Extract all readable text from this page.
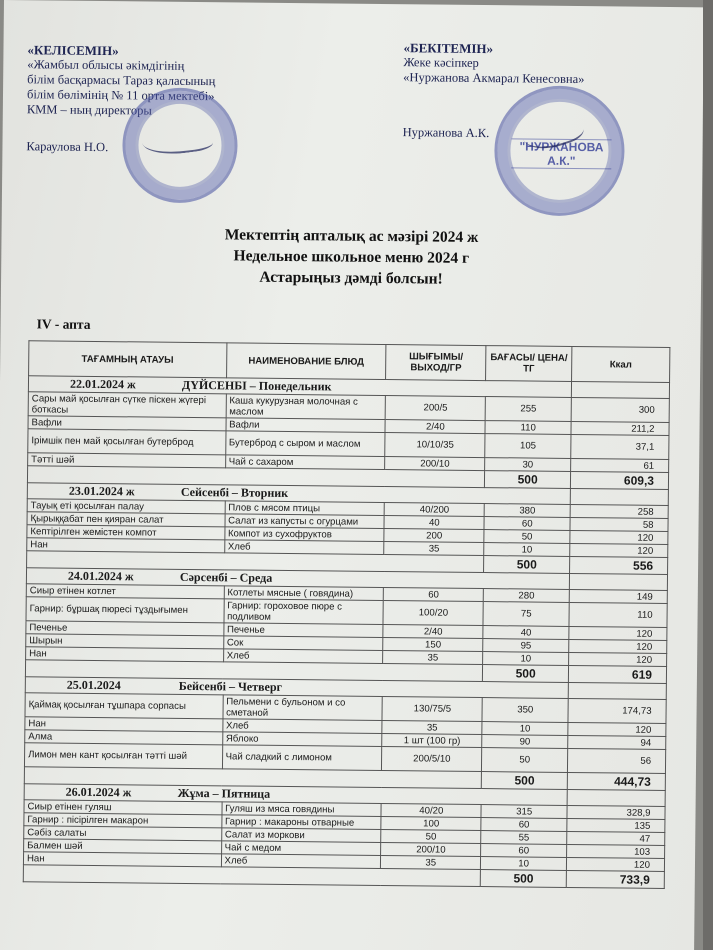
«КЕЛІСЕМІН»
«Жамбыл облысы әкімдігінің
білім басқармасы Тараз қаласының
білім бөлімінің № 11 орта мектебі»
КММ – ның директоры
Караулова Н.О.
«БЕКІТЕМІН»
Жеке кәсіпкер
«Нуржанова Акмарал Кенесовна»
Нуржанова А.К.
"НУРЖАНОВА А.К."
Мектептің апталық ас мәзірі 2024 ж
Недельное школьное меню 2024 г
Астарыңыз дәмді болсын!
IV - апта
ТАҒАМНЫҢ АТАУЫ	НАИМЕНОВАНИЕ БЛЮД	ШЫҒЫМЫ/ ВЫХОД/ГР	БАҒАСЫ/ ЦЕНА/ТГ	Ккал
22.01.2024 ж ДҮЙСЕНБІ – Понедельник				
Сары май қосылған сүтке піскен жүгері боткасы	Каша кукурузная молочная с маслом	200/5	255	300
Вафли	Вафли	2/40	110	211,2
Ірімшік пен май қосылған бутерброд	Бутерброд с сыром и маслом	10/10/35	105	37,1
Тәтті шәй	Чай с сахаром	200/10	30	61
			500	609,3
23.01.2024 ж Сейсенбі – Вторник				
Тауық еті қосылған палау	Плов с мясом птицы	40/200	380	258
Қырыққабат пен қияран салат	Салат из капусты с огурцами	40	60	58
Кептірілген жемістен компот	Компот из сухофруктов	200	50	120
Нан	Хлеб	35	10	120
			500	556
24.01.2024 ж Сәрсенбі – Среда				
Сиыр етінен котлет	Котлеты мясные ( говядина)	60	280	149
Гарнир: бұршақ пюресі тұздығымен	Гарнир: гороховое пюре с подливом	100/20	75	110
Печенье	Печенье	2/40	40	120
Шырын	Сок	150	95	120
Нан	Хлеб	35	10	120
			500	619
25.01.2024 Бейсенбі – Четверг				
Қаймақ қосылған тұшпара сорпасы	Пельмени с бульоном и со сметаной	130/75/5	350	174,73
Нан	Хлеб	35	10	120
Алма	Яблоко	1 шт (100 гр)	90	94
Лимон мен кант қосылған тәтті шәй	Чай сладкий с лимоном	200/5/10	50	56
			500	444,73
26.01.2024 ж Жұма – Пятница				
Сиыр етінен гуляш	Гуляш из мяса говядины	40/20	315	328,9
Гарнир : пісірілген макарон	Гарнир : макароны отварные	100	60	135
Сәбіз салаты	Салат из моркови	50	55	47
Балмен шәй	Чай с медом	200/10	60	103
Нан	Хлеб	35	10	120
			500	733,9
